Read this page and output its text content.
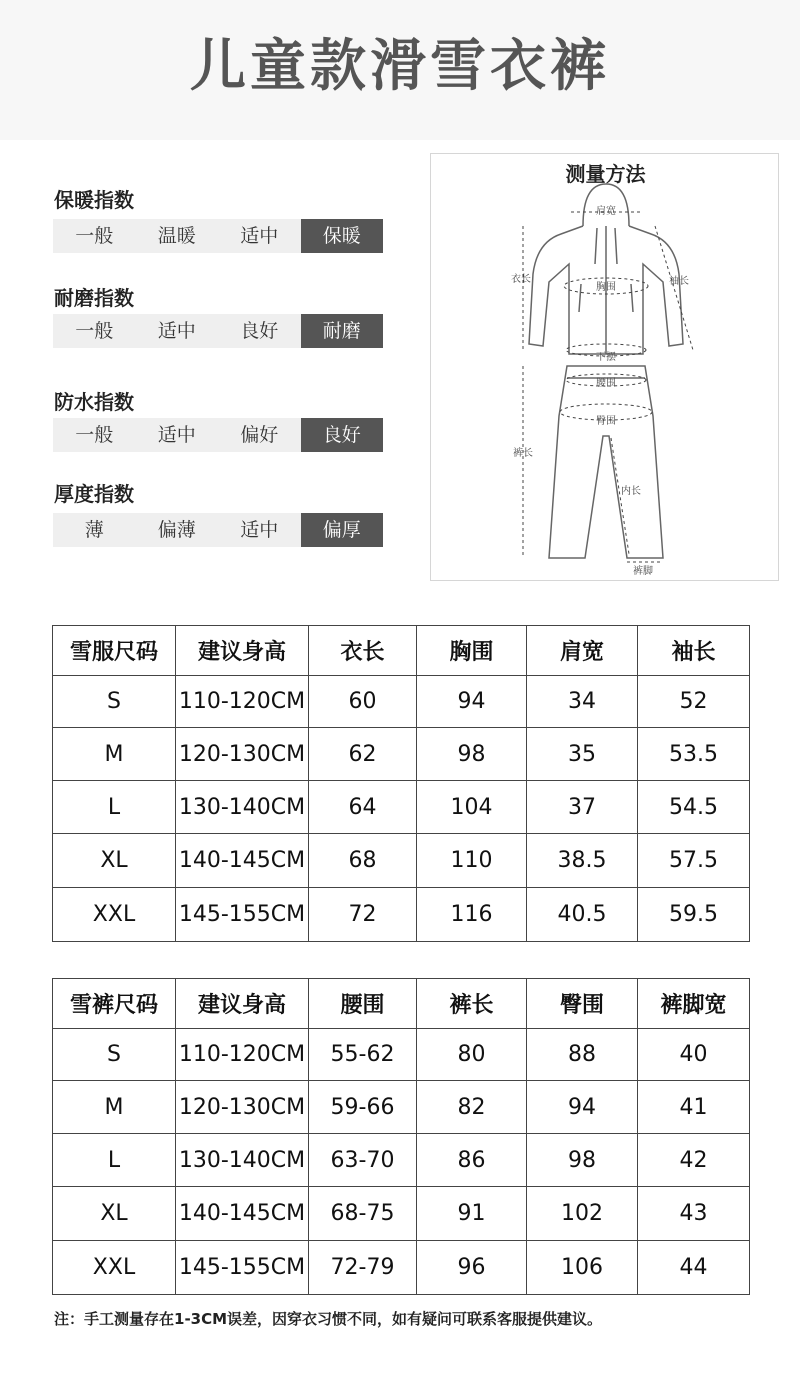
儿童款滑雪衣裤
保暖指数
一般	温暖	适中	保暖
耐磨指数
一般	适中	良好	耐磨
防水指数
一般	适中	偏好	良好
厚度指数
薄	偏薄	适中	偏厚
测量方法
肩宽
衣长
胸围
袖长
下摆
腰围
臀围
裤长
内长
裤脚
雪服尺码	建议身高	衣长	胸围	肩宽	袖长
S	110-120CM	60	94	34	52
M	120-130CM	62	98	35	53.5
L	130-140CM	64	104	37	54.5
XL	140-145CM	68	110	38.5	57.5
XXL	145-155CM	72	116	40.5	59.5
雪裤尺码	建议身高	腰围	裤长	臀围	裤脚宽
S	110-120CM	55-62	80	88	40
M	120-130CM	59-66	82	94	41
L	130-140CM	63-70	86	98	42
XL	140-145CM	68-75	91	102	43
XXL	145-155CM	72-79	96	106	44
注：手工测量存在1-3CM误差，因穿衣习惯不同，如有疑问可联系客服提供建议。
